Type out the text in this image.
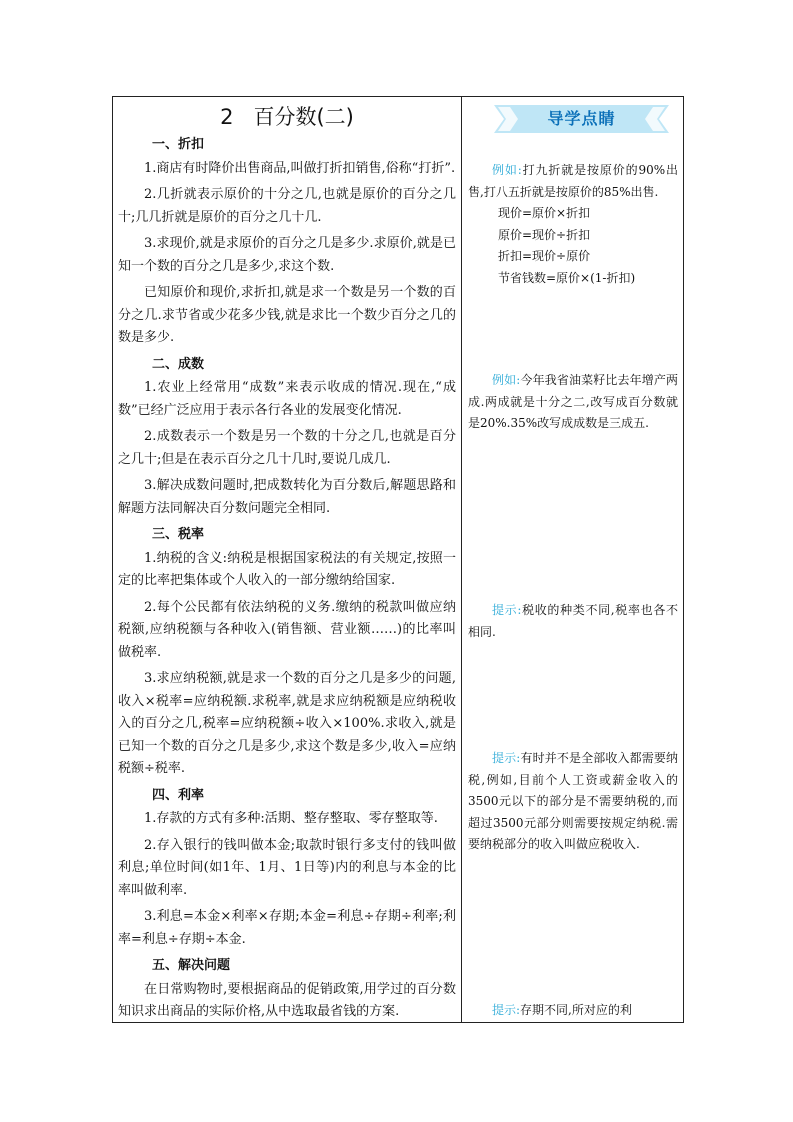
2 百分数(二)
一、折扣

1.商店有时降价出售商品,叫做打折扣销售,俗称“打折”.

2.几折就表示原价的十分之几,也就是原价的百分之几十;几几折就是原价的百分之几十几.

3.求现价,就是求原价的百分之几是多少.求原价,就是已知一个数的百分之几是多少,求这个数.

已知原价和现价,求折扣,就是求一个数是另一个数的百分之几.求节省或少花多少钱,就是求比一个数少百分之几的数是多少.

二、成数

1.农业上经常用“成数”来表示收成的情况.现在,“成数”已经广泛应用于表示各行各业的发展变化情况.

2.成数表示一个数是另一个数的十分之几,也就是百分之几十;但是在表示百分之几十几时,要说几成几.

3.解决成数问题时,把成数转化为百分数后,解题思路和解题方法同解决百分数问题完全相同.

三、税率

1.纳税的含义:纳税是根据国家税法的有关规定,按照一定的比率把集体或个人收入的一部分缴纳给国家.

2.每个公民都有依法纳税的义务.缴纳的税款叫做应纳税额,应纳税额与各种收入(销售额、营业额……)的比率叫做税率.

3.求应纳税额,就是求一个数的百分之几是多少的问题,收入×税率=应纳税额.求税率,就是求应纳税额是应纳税收入的百分之几,税率=应纳税额÷收入×100%.求收入,就是已知一个数的百分之几是多少,求这个数是多少,收入=应纳税额÷税率.

四、利率

1.存款的方式有多种:活期、整存整取、零存整取等.

2.存入银行的钱叫做本金;取款时银行多支付的钱叫做利息;单位时间(如1年、1月、1日等)内的利息与本金的比率叫做利率.

3.利息=本金×利率×存期;本金=利息÷存期÷利率;利率=利息÷存期÷本金.

五、解决问题

在日常购物时,要根据商品的促销政策,用学过的百分数知识求出商品的实际价格,从中选取最省钱的方案.

导学点睛
例如:打九折就是按原价的90%出售,打八五折就是按原价的85%出售.
现价=原价×折扣
原价=现价÷折扣
折扣=现价÷原价
节省钱数=原价×(1-折扣)
例如:今年我省油菜籽比去年增产两成.两成就是十分之二,改写成百分数就是20%.35%改写成成数是三成五.
提示:税收的种类不同,税率也各不相同.
提示:有时并不是全部收入都需要纳税,例如,目前个人工资或薪金收入的3500元以下的部分是不需要纳税的,而超过3500元部分则需要按规定纳税.需要纳税部分的收入叫做应税收入.
提示:存期不同,所对应的利
